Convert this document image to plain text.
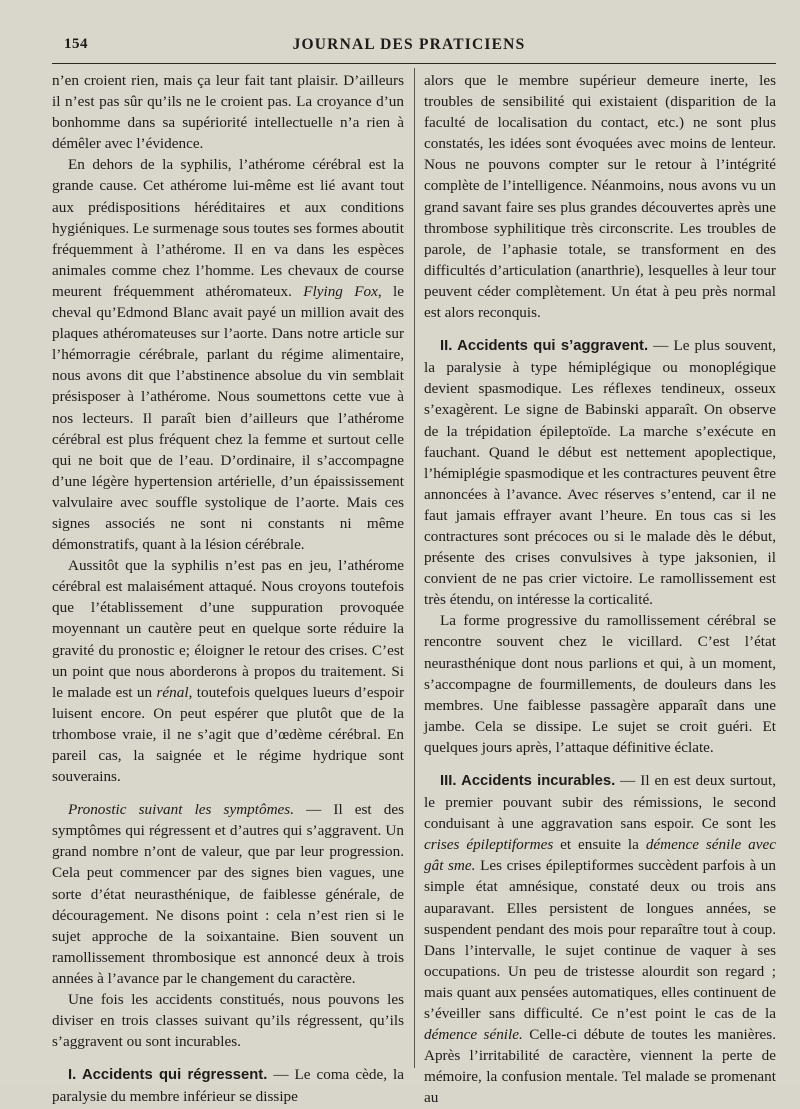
154	JOURNAL DES PRATICIENS

n’en croient rien, mais ça leur fait tant plaisir. D’ailleurs il n’est pas sûr qu’ils ne le croient pas. La croyance d’un bonhomme dans sa supériorité intellectuelle n’a rien à démêler avec l’évidence.

En dehors de la syphilis, l’athérome cérébral est la grande cause. Cet athérome lui-même est lié avant tout aux prédispositions héréditaires et aux conditions hygiéniques. Le surmenage sous toutes ses formes aboutit fréquemment à l’athérome. Il en va dans les espèces animales comme chez l’homme. Les chevaux de course meurent fréquemment athéromateux. Flying Fox, le cheval qu’Edmond Blanc avait payé un million avait des plaques athéromateuses sur l’aorte. Dans notre article sur l’hémorragie cérébrale, parlant du régime alimentaire, nous avons dit que l’abstinence absolue du vin semblait présisposer à l’athérome. Nous soumettons cette vue à nos lecteurs. Il paraît bien d’ailleurs que l’athérome cérébral est plus fréquent chez la femme et surtout celle qui ne boit que de l’eau. D’ordinaire, il s’accompagne d’une légère hypertension artérielle, d’un épaississement valvulaire avec souffle systolique de l’aorte. Mais ces signes associés ne sont ni constants ni même démonstratifs, quant à la lésion cérébrale.

Aussitôt que la syphilis n’est pas en jeu, l’athérome cérébral est malaisément attaqué. Nous croyons toutefois que l’établissement d’une suppuration provoquée moyennant un cautère peut en quelque sorte réduire la gravité du pronostic e; éloigner le retour des crises. C’est un point que nous aborderons à propos du traitement. Si le malade est un rénal, toutefois quelques lueurs d’espoir luisent encore. On peut espérer que plutôt que de la trhombose vraie, il ne s’agit que d’œdème cérébral. En pareil cas, la saignée et le régime hydrique sont souverains.

Pronostic suivant les symptômes. — Il est des symptômes qui régressent et d’autres qui s’aggravent. Un grand nombre n’ont de valeur, que par leur progression. Cela peut commencer par des signes bien vagues, une sorte d’état neurasthénique, de faiblesse générale, de découragement. Ne disons point : cela n’est rien si le sujet approche de la soixantaine. Bien souvent un ramollissement thrombosique est annoncé deux à trois années à l’avance par le changement du caractère.

Une fois les accidents constitués, nous pouvons les diviser en trois classes suivant qu’ils régressent, qu’ils s’aggravent ou sont incurables.

I. Accidents qui régressent. — Le coma cède, la paralysie du membre inférieur se dissipe

alors que le membre supérieur demeure inerte, les troubles de sensibilité qui existaient (disparition de la faculté de localisation du contact, etc.) ne sont plus constatés, les idées sont évoquées avec moins de lenteur. Nous ne pouvons compter sur le retour à l’intégrité complète de l’intelligence. Néanmoins, nous avons vu un grand savant faire ses plus grandes découvertes après une thrombose syphilitique très circonscrite. Les troubles de parole, de l’aphasie totale, se transforment en des difficultés d’articulation (anarthrie), lesquelles à leur tour peuvent céder complètement. Un état à peu près normal est alors reconquis.

II. Accidents qui s’aggravent. — Le plus souvent, la paralysie à type hémiplégique ou monoplégique devient spasmodique. Les réflexes tendineux, osseux s’exagèrent. Le signe de Babinski apparaît. On observe de la trépidation épileptoïde. La marche s’exécute en fauchant. Quand le début est nettement apoplectique, l’hémiplégie spasmodique et les contractures peuvent être annoncées à l’avance. Avec réserves s’entend, car il ne faut jamais effrayer avant l’heure. En tous cas si les contractures sont précoces ou si le malade dès le début, présente des crises convulsives à type jaksonien, il convient de ne pas crier victoire. Le ramollissement est très étendu, on intéresse la corticalité.

La forme progressive du ramollissement cérébral se rencontre souvent chez le vicillard. C’est l’état neurasthénique dont nous parlions et qui, à un moment, s’accompagne de fourmillements, de douleurs dans les membres. Une faiblesse passagère apparaît dans une jambe. Cela se dissipe. Le sujet se croit guéri. Et quelques jours après, l’attaque définitive éclate.

III. Accidents incurables. — Il en est deux surtout, le premier pouvant subir des rémissions, le second conduisant à une aggravation sans espoir. Ce sont les crises épileptiformes et ensuite la démence sénile avec gât sme. Les crises épileptiformes succèdent parfois à un simple état amnésique, constaté deux ou trois ans auparavant. Elles persistent de longues années, se suspendent pendant des mois pour reparaître tout à coup. Dans l’intervalle, le sujet continue de vaquer à ses occupations. Un peu de tristesse alourdit son regard ; mais quant aux pensées automatiques, elles continuent de s’éveiller sans difficulté. Ce n’est point le cas de la démence sénile. Celle-ci débute de toutes les manières. Après l’irritabilité de caractère, viennent la perte de mémoire, la confusion mentale. Tel malade se promenant au
